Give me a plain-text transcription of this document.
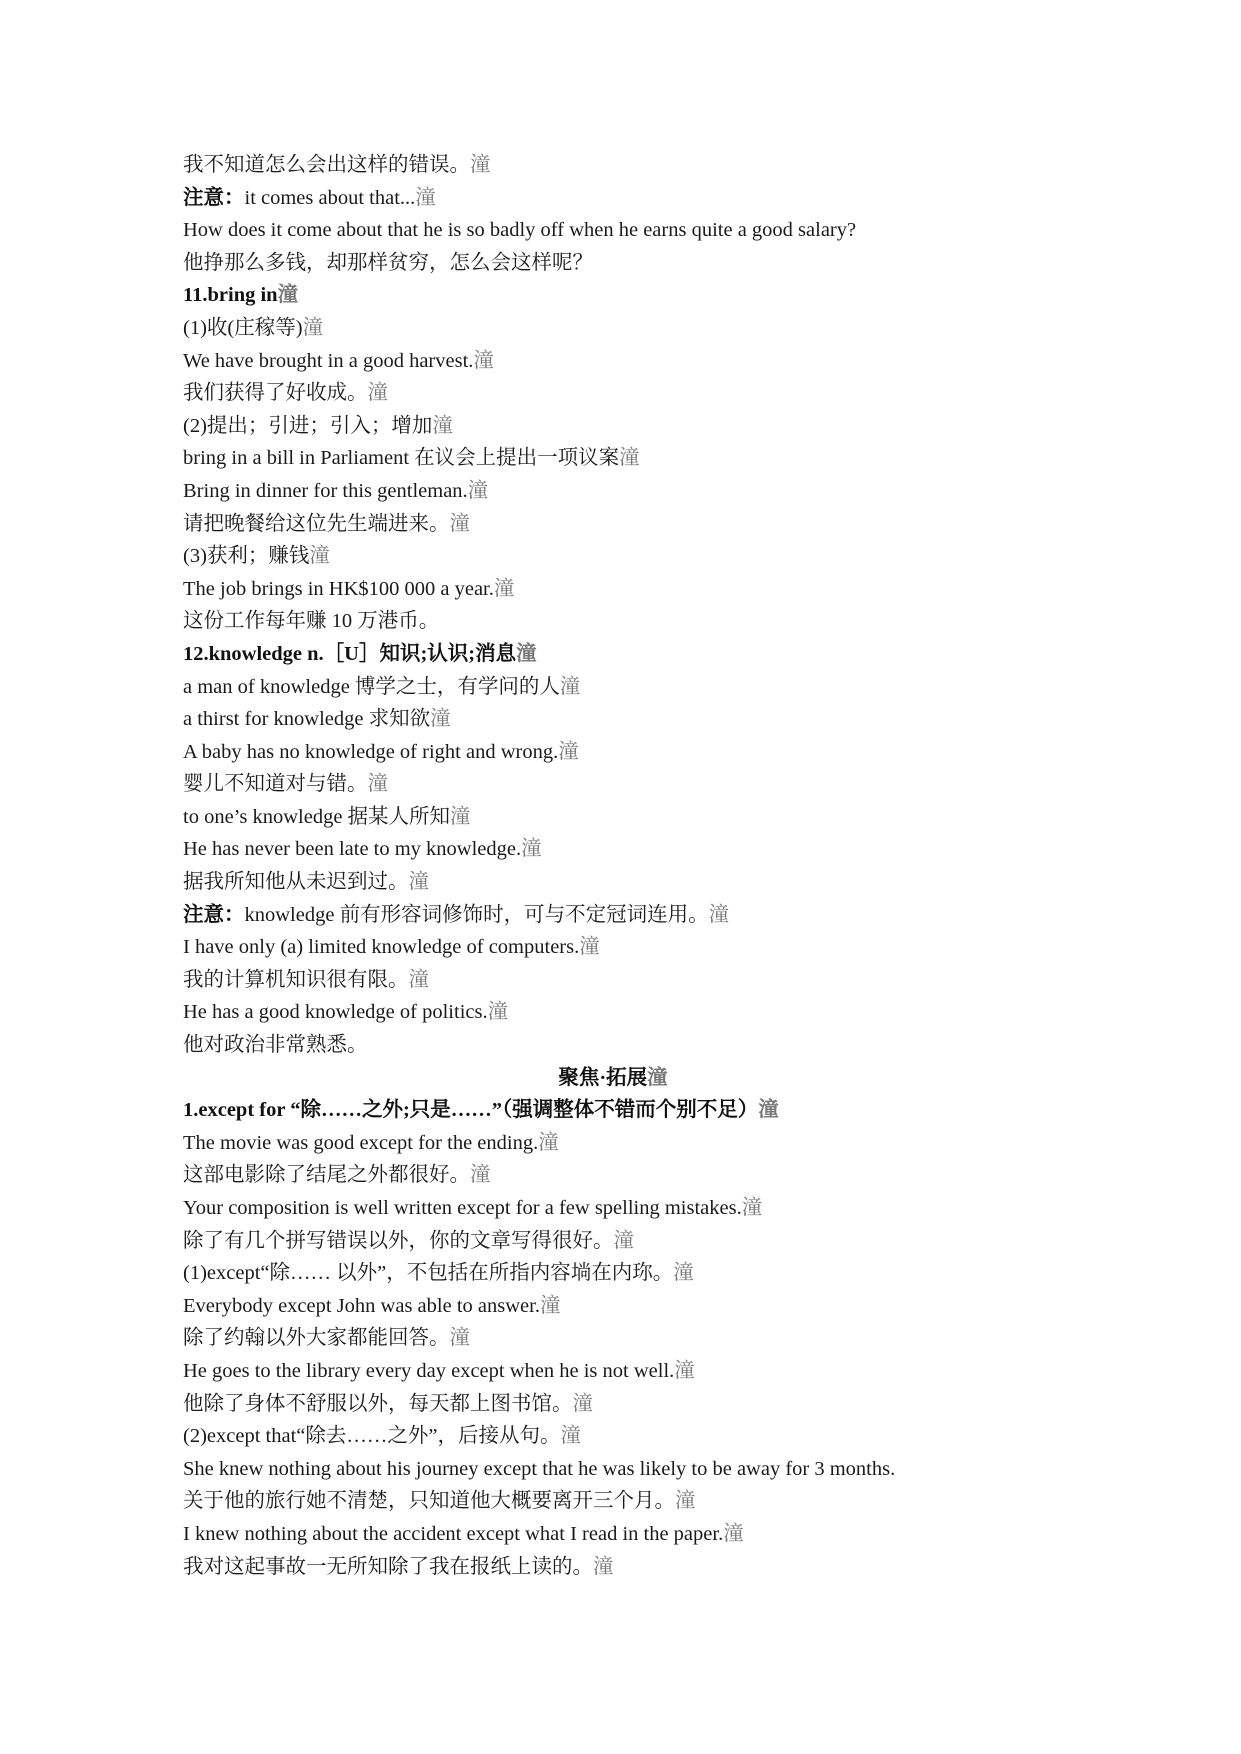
我不知道怎么会出这样的错误。潼
注意：it comes about that...潼
How does it come about that he is so badly off when he earns quite a good salary?
他挣那么多钱，却那样贫穷，怎么会这样呢？
11.bring in潼
(1)收(庄稼等)潼
We have brought in a good harvest.潼
我们获得了好收成。潼
(2)提出；引进；引入；增加潼
bring in a bill in Parliament 在议会上提出一项议案潼
Bring in dinner for this gentleman.潼
请把晚餐给这位先生端进来。潼
(3)获利；赚钱潼
The job brings in HK$100 000 a year.潼
这份工作每年赚 10 万港币。
12.knowledge n.［U］知识;认识;消息潼
a man of knowledge 博学之士，有学问的人潼
a thirst for knowledge 求知欲潼
A baby has no knowledge of right and wrong.潼
婴儿不知道对与错。潼
to one’s knowledge 据某人所知潼
He has never been late to my knowledge.潼
据我所知他从未迟到过。潼
注意：knowledge 前有形容词修饰时，可与不定冠词连用。潼
I have only (a) limited knowledge of computers.潼
我的计算机知识很有限。潼
He has a good knowledge of politics.潼
他对政治非常熟悉。
聚焦·拓展潼
1.except for “除……之外;只是……”（强调整体不错而个别不足）潼
The movie was good except for the ending.潼
这部电影除了结尾之外都很好。潼
Your composition is well written except for a few spelling mistakes.潼
除了有几个拼写错误以外，你的文章写得很好。潼
(1)except“除…… 以外”，不包括在所指内容埫在内珎。潼
Everybody except John was able to answer.潼
除了约翰以外大家都能回答。潼
He goes to the library every day except when he is not well.潼
他除了身体不舒服以外，每天都上图书馆。潼
(2)except that“除去……之外”，后接从句。潼
She knew nothing about his journey except that he was likely to be away for 3 months.
关于他的旅行她不清楚，只知道他大概要离开三个月。潼
I knew nothing about the accident except what I read in the paper.潼
我对这起事故一无所知除了我在报纸上读的。潼
